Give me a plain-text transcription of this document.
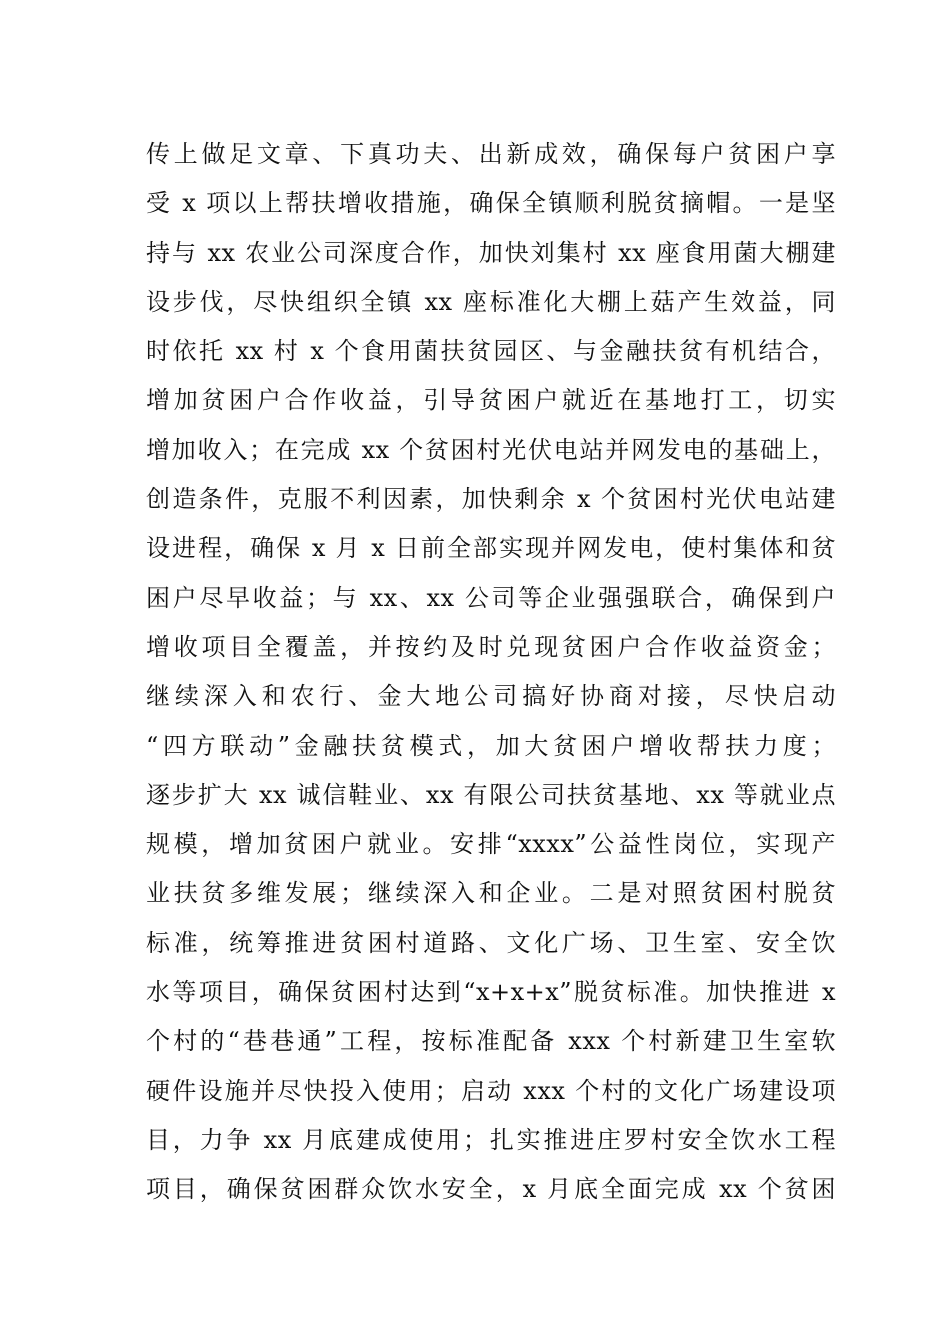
传上做足文章、下真功夫、出新成效，确保每户贫困户享
受 x 项以上帮扶增收措施，确保全镇顺利脱贫摘帽。一是坚
持与 xx 农业公司深度合作，加快刘集村 xx 座食用菌大棚建
设步伐，尽快组织全镇 xx 座标准化大棚上菇产生效益，同
时依托 xx 村 x 个食用菌扶贫园区、与金融扶贫有机结合，
增加贫困户合作收益，引导贫困户就近在基地打工，切实
增加收入；在完成 xx 个贫困村光伏电站并网发电的基础上，
创造条件，克服不利因素，加快剩余 x 个贫困村光伏电站建
设进程，确保 x 月 x 日前全部实现并网发电，使村集体和贫
困户尽早收益；与 xx、xx 公司等企业强强联合，确保到户
增收项目全覆盖，并按约及时兑现贫困户合作收益资金；
继续深入和农行、金大地公司搞好协商对接，尽快启动
“四方联动”金融扶贫模式，加大贫困户增收帮扶力度；
逐步扩大 xx 诚信鞋业、xx 有限公司扶贫基地、xx 等就业点
规模，增加贫困户就业。安排“xxxx”公益性岗位，实现产
业扶贫多维发展；继续深入和企业。二是对照贫困村脱贫
标准，统筹推进贫困村道路、文化广场、卫生室、安全饮
水等项目，确保贫困村达到“x+x+x”脱贫标准。加快推进 x
个村的“巷巷通”工程，按标准配备 xxx 个村新建卫生室软
硬件设施并尽快投入使用；启动 xxx 个村的文化广场建设项
目，力争 xx 月底建成使用；扎实推进庄罗村安全饮水工程
项目，确保贫困群众饮水安全，x 月底全面完成 xx 个贫困
